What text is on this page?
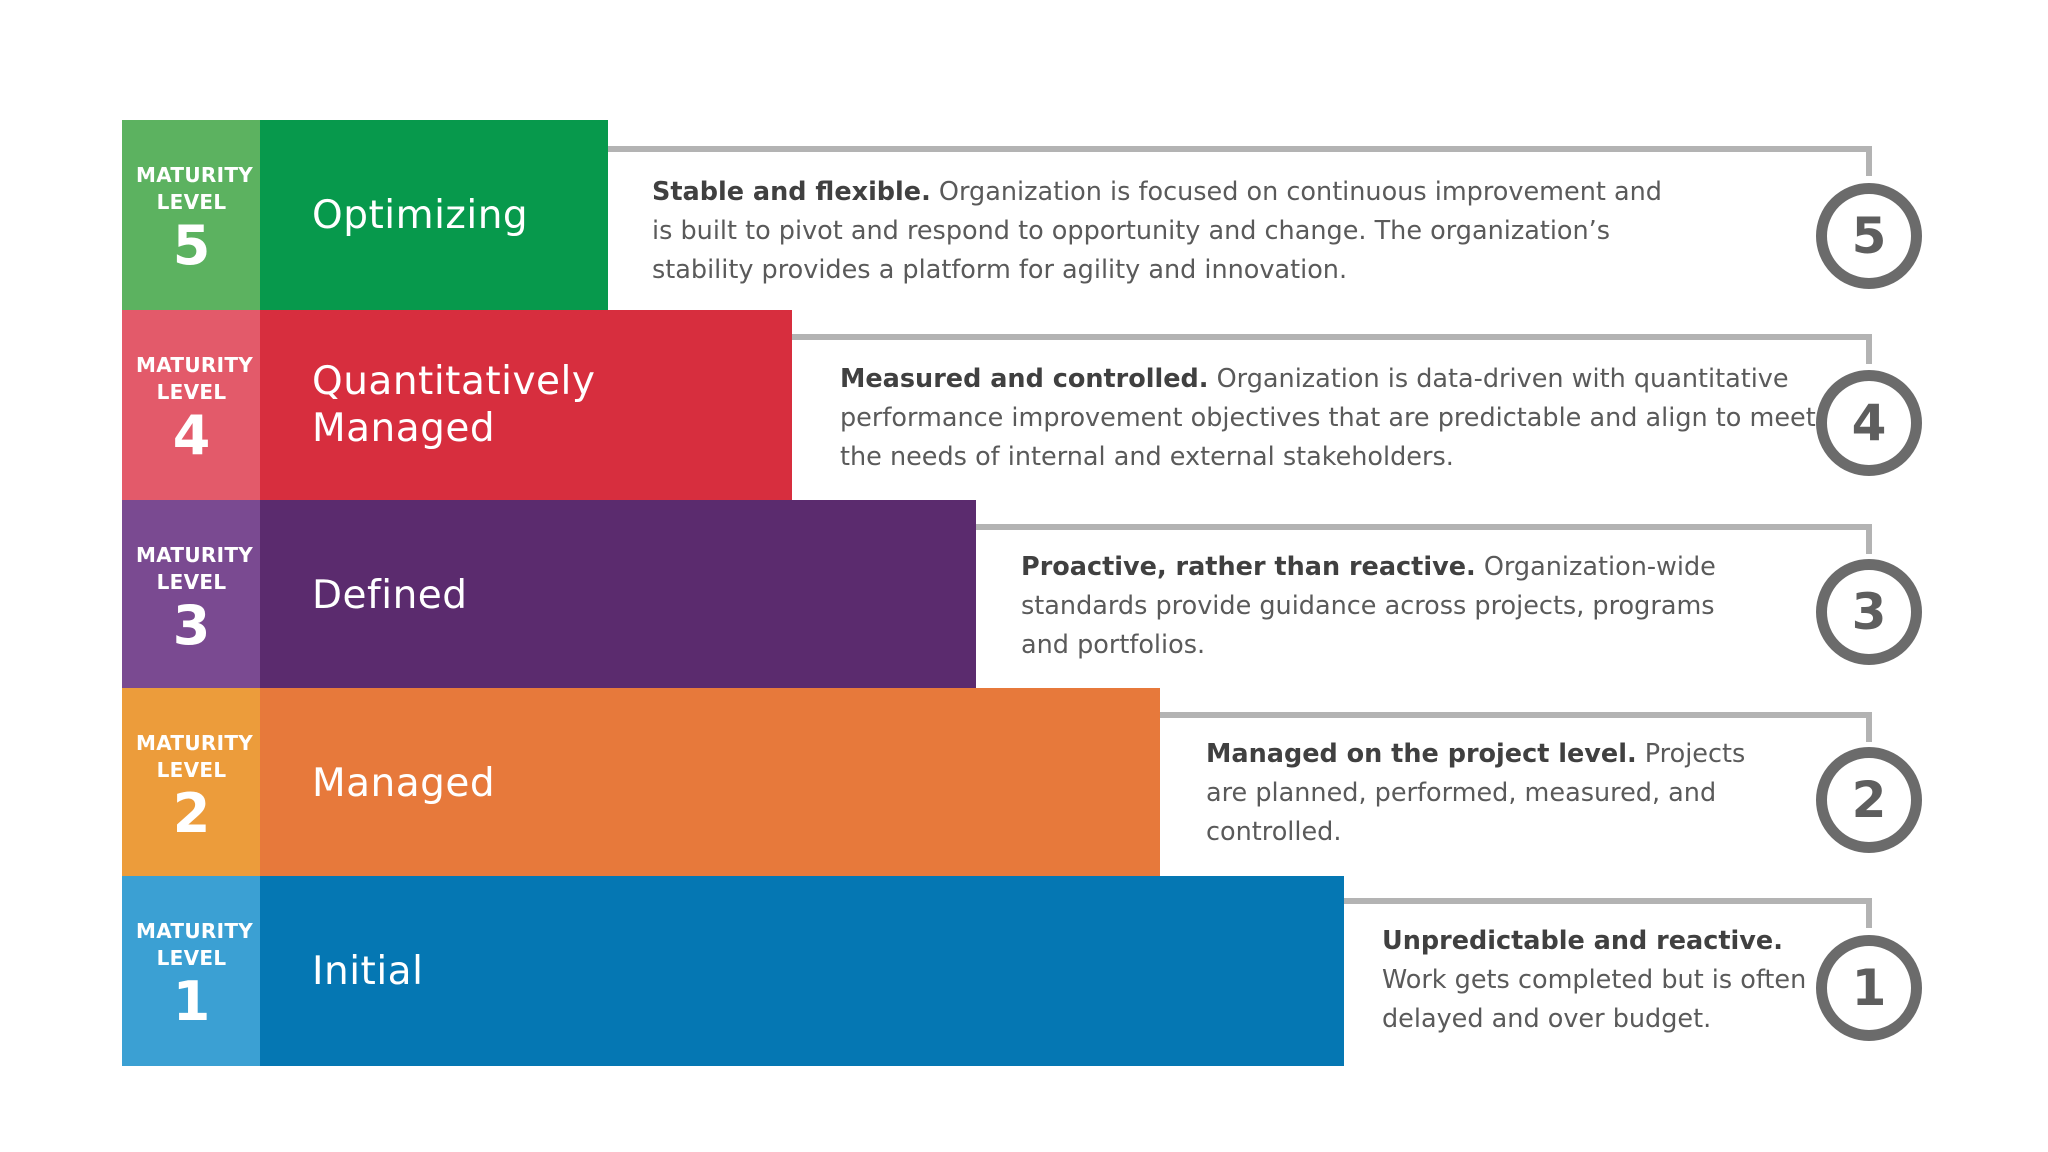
MATURITY LEVEL
5	Optimizing
Stable and flexible. Organization is focused on continuous improvement and is built to pivot and respond to opportunity and change. The organization’s stability provides a platform for agility and innovation.
5
MATURITY LEVEL
4
Quantitatively Managed
Measured and controlled. Organization is data-driven with quantitative performance improvement objectives that are predictable and align to meet the needs of internal and external stakeholders.
4
MATURITY LEVEL
3	Defined
Proactive, rather than reactive. Organization-wide standards provide guidance across projects, programs and portfolios.
3
MATURITY LEVEL
2	Managed
Managed on the project level. Projects are planned, performed, measured, and controlled.
2
MATURITY LEVEL
1	Initial
Unpredictable and reactive. Work gets completed but is often delayed and over budget.
1
